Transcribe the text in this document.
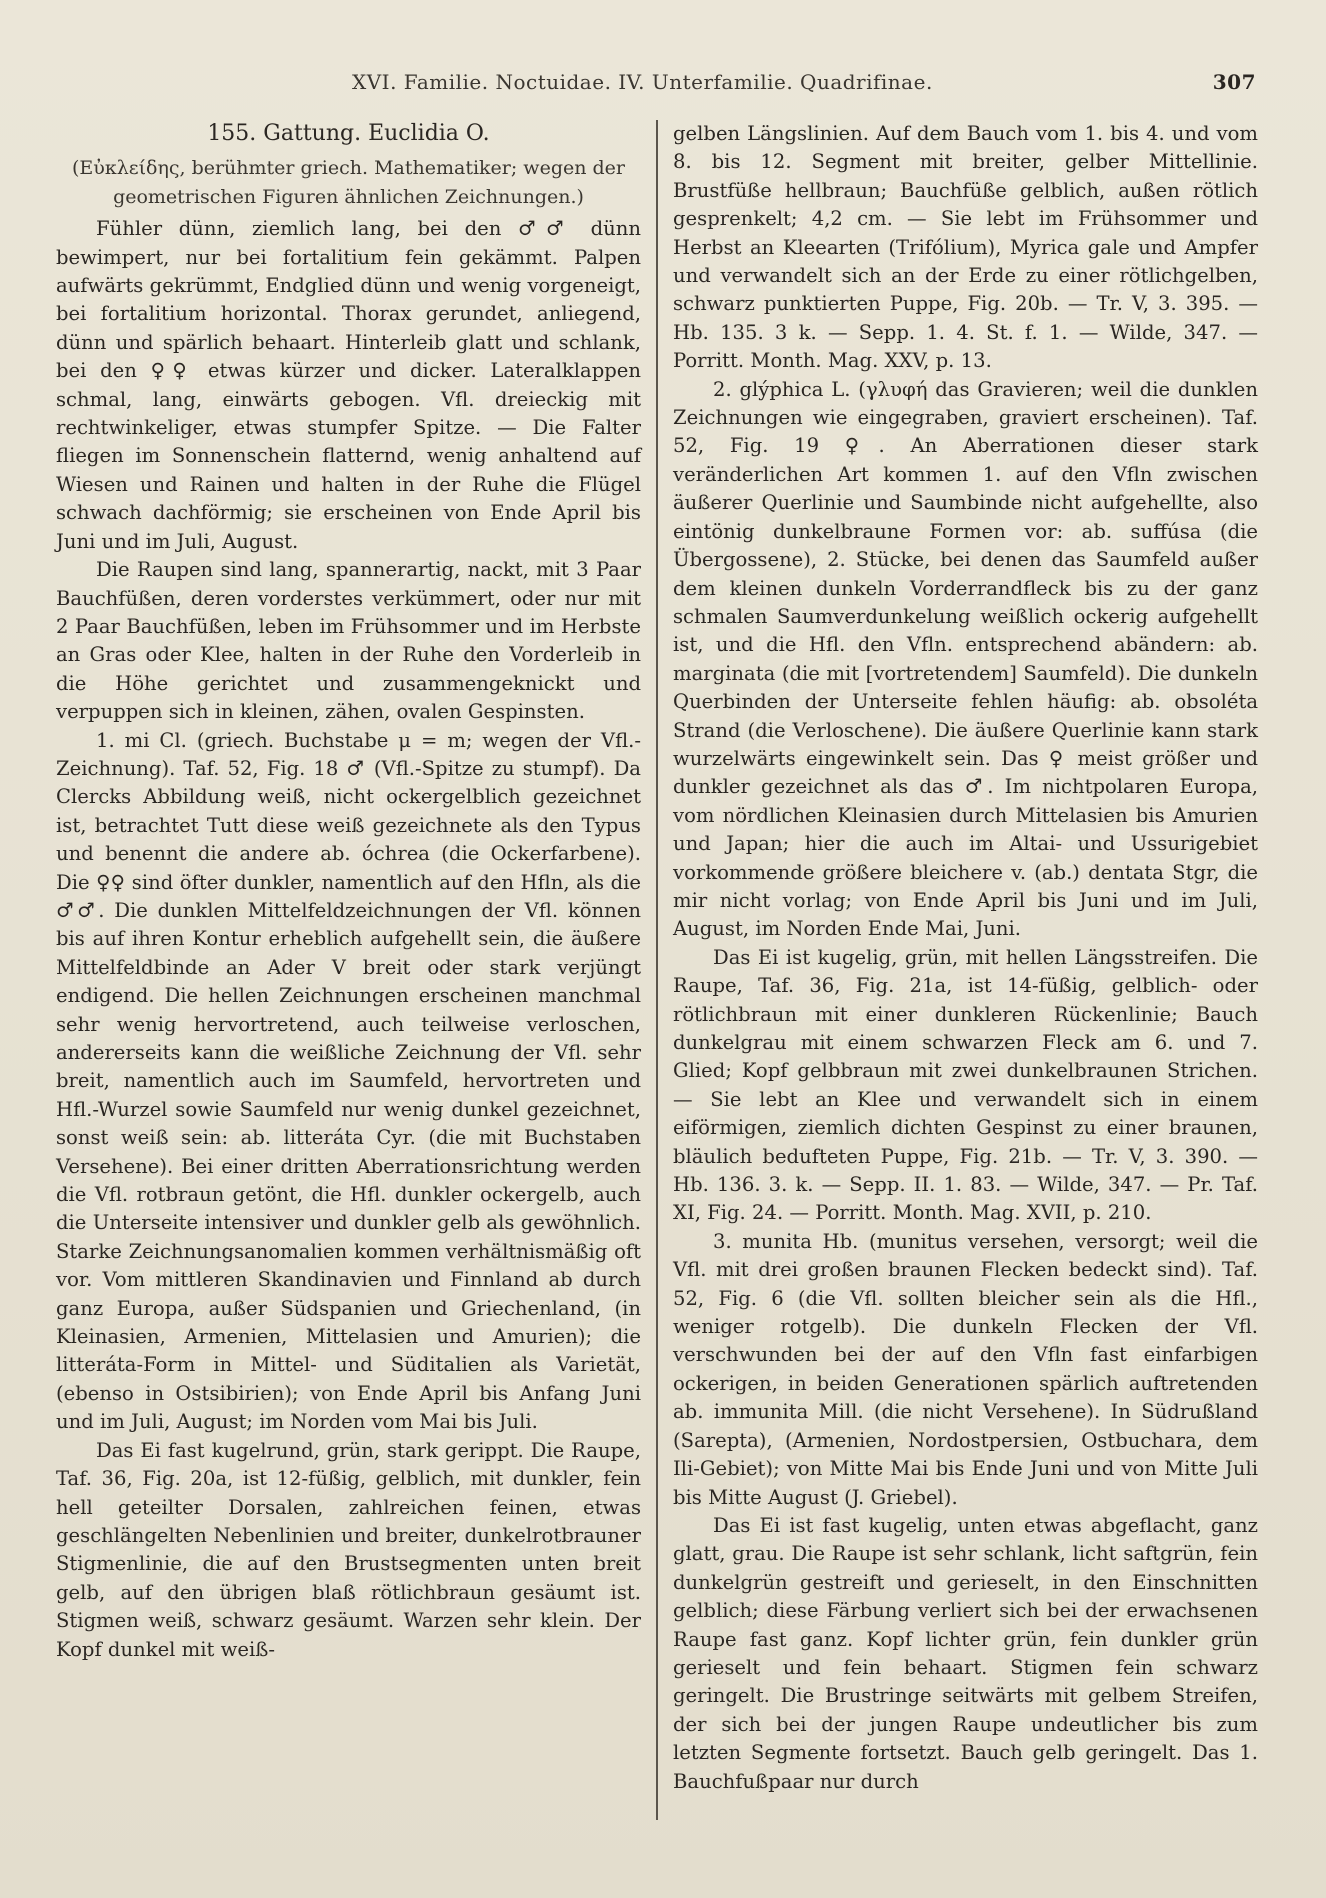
XVI. Familie. Noctuidae. IV. Unterfamilie. Quadrifinae.	307

155. Gattung. Euclidia O.

(Εὐκλείδης, berühmter griech. Mathematiker; wegen der geometrischen Figuren ähnlichen Zeichnungen.)

Fühler dünn, ziemlich lang, bei den ♂♂ dünn bewimpert, nur bei fortalitium fein gekämmt. Palpen aufwärts gekrümmt, Endglied dünn und wenig vorgeneigt, bei fortalitium horizontal. Thorax gerundet, anliegend, dünn und spärlich behaart. Hinterleib glatt und schlank, bei den ♀♀ etwas kürzer und dicker. Lateralklappen schmal, lang, einwärts gebogen. Vfl. dreieckig mit rechtwinkeliger, etwas stumpfer Spitze. — Die Falter fliegen im Sonnenschein flatternd, wenig anhaltend auf Wiesen und Rainen und halten in der Ruhe die Flügel schwach dachförmig; sie erscheinen von Ende April bis Juni und im Juli, August.

Die Raupen sind lang, spannerartig, nackt, mit 3 Paar Bauchfüßen, deren vorderstes verkümmert, oder nur mit 2 Paar Bauchfüßen, leben im Frühsommer und im Herbste an Gras oder Klee, halten in der Ruhe den Vorderleib in die Höhe gerichtet und zusammengeknickt und verpuppen sich in kleinen, zähen, ovalen Gespinsten.

1. mi Cl. (griech. Buchstabe μ = m; wegen der Vfl.-Zeichnung). Taf. 52, Fig. 18 ♂ (Vfl.-Spitze zu stumpf). Da Clercks Abbildung weiß, nicht ockergelblich gezeichnet ist, betrachtet Tutt diese weiß gezeichnete als den Typus und benennt die andere ab. óchrea (die Ockerfarbene). Die ♀♀ sind öfter dunkler, namentlich auf den Hfln, als die ♂♂. Die dunklen Mittelfeldzeichnungen der Vfl. können bis auf ihren Kontur erheblich aufgehellt sein, die äußere Mittelfeldbinde an Ader V breit oder stark verjüngt endigend. Die hellen Zeichnungen erscheinen manchmal sehr wenig hervortretend, auch teilweise verloschen, andererseits kann die weißliche Zeichnung der Vfl. sehr breit, namentlich auch im Saumfeld, hervortreten und Hfl.-Wurzel sowie Saumfeld nur wenig dunkel gezeichnet, sonst weiß sein: ab. litteráta Cyr. (die mit Buchstaben Versehene). Bei einer dritten Aberrationsrichtung werden die Vfl. rotbraun getönt, die Hfl. dunkler ockergelb, auch die Unterseite intensiver und dunkler gelb als gewöhnlich. Starke Zeichnungsanomalien kommen verhältnismäßig oft vor. Vom mittleren Skandinavien und Finnland ab durch ganz Europa, außer Südspanien und Griechenland, (in Kleinasien, Armenien, Mittelasien und Amurien); die litteráta-Form in Mittel- und Süditalien als Varietät, (ebenso in Ostsibirien); von Ende April bis Anfang Juni und im Juli, August; im Norden vom Mai bis Juli.

Das Ei fast kugelrund, grün, stark gerippt. Die Raupe, Taf. 36, Fig. 20a, ist 12-füßig, gelblich, mit dunkler, fein hell geteilter Dorsalen, zahlreichen feinen, etwas geschlängelten Nebenlinien und breiter, dunkelrotbrauner Stigmenlinie, die auf den Brustsegmenten unten breit gelb, auf den übrigen blaß rötlichbraun gesäumt ist. Stigmen weiß, schwarz gesäumt. Warzen sehr klein. Der Kopf dunkel mit weiß-

gelben Längslinien. Auf dem Bauch vom 1. bis 4. und vom 8. bis 12. Segment mit breiter, gelber Mittellinie. Brustfüße hellbraun; Bauchfüße gelblich, außen rötlich gesprenkelt; 4,2 cm. — Sie lebt im Frühsommer und Herbst an Kleearten (Trifólium), Myrica gale und Ampfer und verwandelt sich an der Erde zu einer rötlichgelben, schwarz punktierten Puppe, Fig. 20b. — Tr. V, 3. 395. — Hb. 135. 3 k. — Sepp. 1. 4. St. f. 1. — Wilde, 347. — Porritt. Month. Mag. XXV, p. 13.

2. glýphica L. (γλυφή das Gravieren; weil die dunklen Zeichnungen wie eingegraben, graviert erscheinen). Taf. 52, Fig. 19 ♀. An Aberrationen dieser stark veränderlichen Art kommen 1. auf den Vfln zwischen äußerer Querlinie und Saumbinde nicht aufgehellte, also eintönig dunkelbraune Formen vor: ab. suffúsa (die Übergossene), 2. Stücke, bei denen das Saumfeld außer dem kleinen dunkeln Vorderrandfleck bis zu der ganz schmalen Saumverdunkelung weißlich ockerig aufgehellt ist, und die Hfl. den Vfln. entsprechend abändern: ab. marginata (die mit [vortretendem] Saumfeld). Die dunkeln Querbinden der Unterseite fehlen häufig: ab. obsoléta Strand (die Verloschene). Die äußere Querlinie kann stark wurzelwärts eingewinkelt sein. Das ♀ meist größer und dunkler gezeichnet als das ♂. Im nichtpolaren Europa, vom nördlichen Kleinasien durch Mittelasien bis Amurien und Japan; hier die auch im Altai- und Ussurigebiet vorkommende größere bleichere v. (ab.) dentata Stgr, die mir nicht vorlag; von Ende April bis Juni und im Juli, August, im Norden Ende Mai, Juni.

Das Ei ist kugelig, grün, mit hellen Längsstreifen. Die Raupe, Taf. 36, Fig. 21a, ist 14-füßig, gelblich- oder rötlichbraun mit einer dunkleren Rückenlinie; Bauch dunkelgrau mit einem schwarzen Fleck am 6. und 7. Glied; Kopf gelbbraun mit zwei dunkelbraunen Strichen. — Sie lebt an Klee und verwandelt sich in einem eiförmigen, ziemlich dichten Gespinst zu einer braunen, bläulich bedufteten Puppe, Fig. 21b. — Tr. V, 3. 390. — Hb. 136. 3. k. — Sepp. II. 1. 83. — Wilde, 347. — Pr. Taf. XI, Fig. 24. — Porritt. Month. Mag. XVII, p. 210.

3. munita Hb. (munitus versehen, versorgt; weil die Vfl. mit drei großen braunen Flecken bedeckt sind). Taf. 52, Fig. 6 (die Vfl. sollten bleicher sein als die Hfl., weniger rotgelb). Die dunkeln Flecken der Vfl. verschwunden bei der auf den Vfln fast einfarbigen ockerigen, in beiden Generationen spärlich auftretenden ab. immunita Mill. (die nicht Versehene). In Südrußland (Sarepta), (Armenien, Nordostpersien, Ostbuchara, dem Ili-Gebiet); von Mitte Mai bis Ende Juni und von Mitte Juli bis Mitte August (J. Griebel).

Das Ei ist fast kugelig, unten etwas abgeflacht, ganz glatt, grau. Die Raupe ist sehr schlank, licht saftgrün, fein dunkelgrün gestreift und gerieselt, in den Einschnitten gelblich; diese Färbung verliert sich bei der erwachsenen Raupe fast ganz. Kopf lichter grün, fein dunkler grün gerieselt und fein behaart. Stigmen fein schwarz geringelt. Die Brustringe seitwärts mit gelbem Streifen, der sich bei der jungen Raupe undeutlicher bis zum letzten Segmente fortsetzt. Bauch gelb geringelt. Das 1. Bauchfußpaar nur durch
